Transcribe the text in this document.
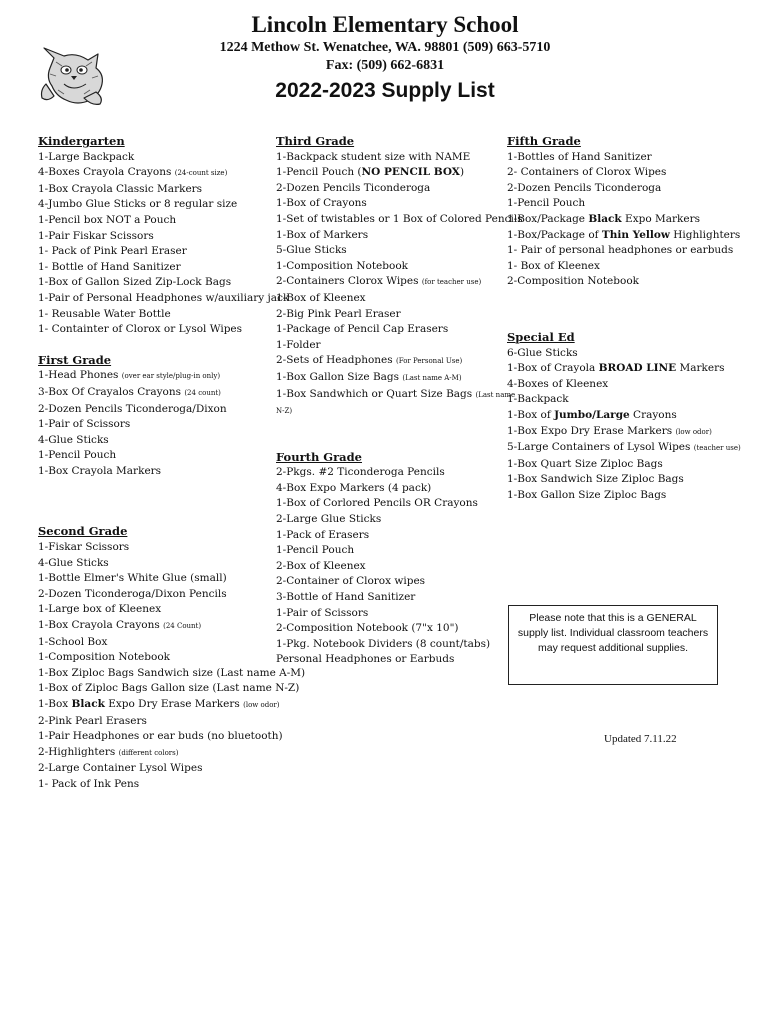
Lincoln Elementary School
1224 Methow St. Wenatchee, WA. 98801 (509) 663-5710
Fax: (509) 662-6831
2022-2023 Supply List
Kindergarten
1-Large Backpack
4-Boxes Crayola Crayons (24-count size)
1-Box Crayola Classic Markers
4-Jumbo Glue Sticks or 8 regular size
1-Pencil box NOT a Pouch
1-Pair Fiskar Scissors
1- Pack of Pink Pearl Eraser
1- Bottle of Hand Sanitizer
1-Box of Gallon Sized Zip-Lock Bags
1-Pair of Personal Headphones w/auxiliary jack
1- Reusable Water Bottle
1- Containter of Clorox or Lysol Wipes
First Grade
1-Head Phones (over ear style/plug-in only)
3-Box Of Crayalos Crayons (24 count)
2-Dozen Pencils Ticonderoga/Dixon
1-Pair of Scissors
4-Glue Sticks
1-Pencil Pouch
1-Box Crayola Markers
Second Grade
1-Fiskar Scissors
4-Glue Sticks
1-Bottle Elmer's White Glue (small)
2-Dozen Ticonderoga/Dixon Pencils
1-Large box of Kleenex
1-Box Crayola Crayons (24 Count)
1-School Box
1-Composition Notebook
1-Box Ziploc Bags Sandwich size (Last name A-M)
1-Box of Ziploc Bags Gallon size (Last name N-Z)
1-Box Black Expo Dry Erase Markers (low odor)
2-Pink Pearl Erasers
1-Pair Headphones or ear buds (no bluetooth)
2-Highlighters (different colors)
2-Large Container Lysol Wipes
1- Pack of Ink Pens
Third Grade
1-Backpack student size with NAME
1-Pencil Pouch (NO PENCIL BOX)
2-Dozen Pencils Ticonderoga
1-Box of Crayons
1-Set of twistables or 1 Box of Colored Pencils
1-Box of Markers
5-Glue Sticks
1-Composition Notebook
2-Containers Clorox Wipes (for teacher use)
1-Box of Kleenex
2-Big Pink Pearl Eraser
1-Package of Pencil Cap Erasers
1-Folder
2-Sets of Headphones (For Personal Use)
1-Box Gallon Size Bags (Last name A-M)
1-Box Sandwhich or Quart Size Bags (Last name
N-Z)
Fourth Grade
2-Pkgs. #2 Ticonderoga Pencils
4-Box Expo Markers (4 pack)
1-Box of Corlored Pencils OR Crayons
2-Large Glue Sticks
1-Pack of Erasers
1-Pencil Pouch
2-Box of Kleenex
2-Container of Clorox wipes
3-Bottle of Hand Sanitizer
1-Pair of Scissors
2-Composition Notebook (7"x 10")
1-Pkg. Notebook Dividers (8 count/tabs)
Personal Headphones or Earbuds
Fifth Grade
1-Bottles of Hand Sanitizer
2- Containers of Clorox Wipes
2-Dozen Pencils Ticonderoga
1-Pencil Pouch
1-Box/Package Black Expo Markers
1-Box/Package of Thin Yellow Highlighters
1- Pair of personal headphones or earbuds
1- Box of Kleenex
2-Composition Notebook
Special Ed
6-Glue Sticks
1-Box of Crayola BROAD LINE Markers
4-Boxes of Kleenex
1-Backpack
1-Box of Jumbo/Large Crayons
1-Box Expo Dry Erase Markers (low odor)
5-Large Containers of Lysol Wipes (teacher use)
1-Box Quart Size Ziploc Bags
1-Box Sandwich Size Ziploc Bags
1-Box Gallon Size Ziploc Bags
Please note that this is a GENERAL supply list. Individual classroom teachers may request additional supplies.
Updated 7.11.22
